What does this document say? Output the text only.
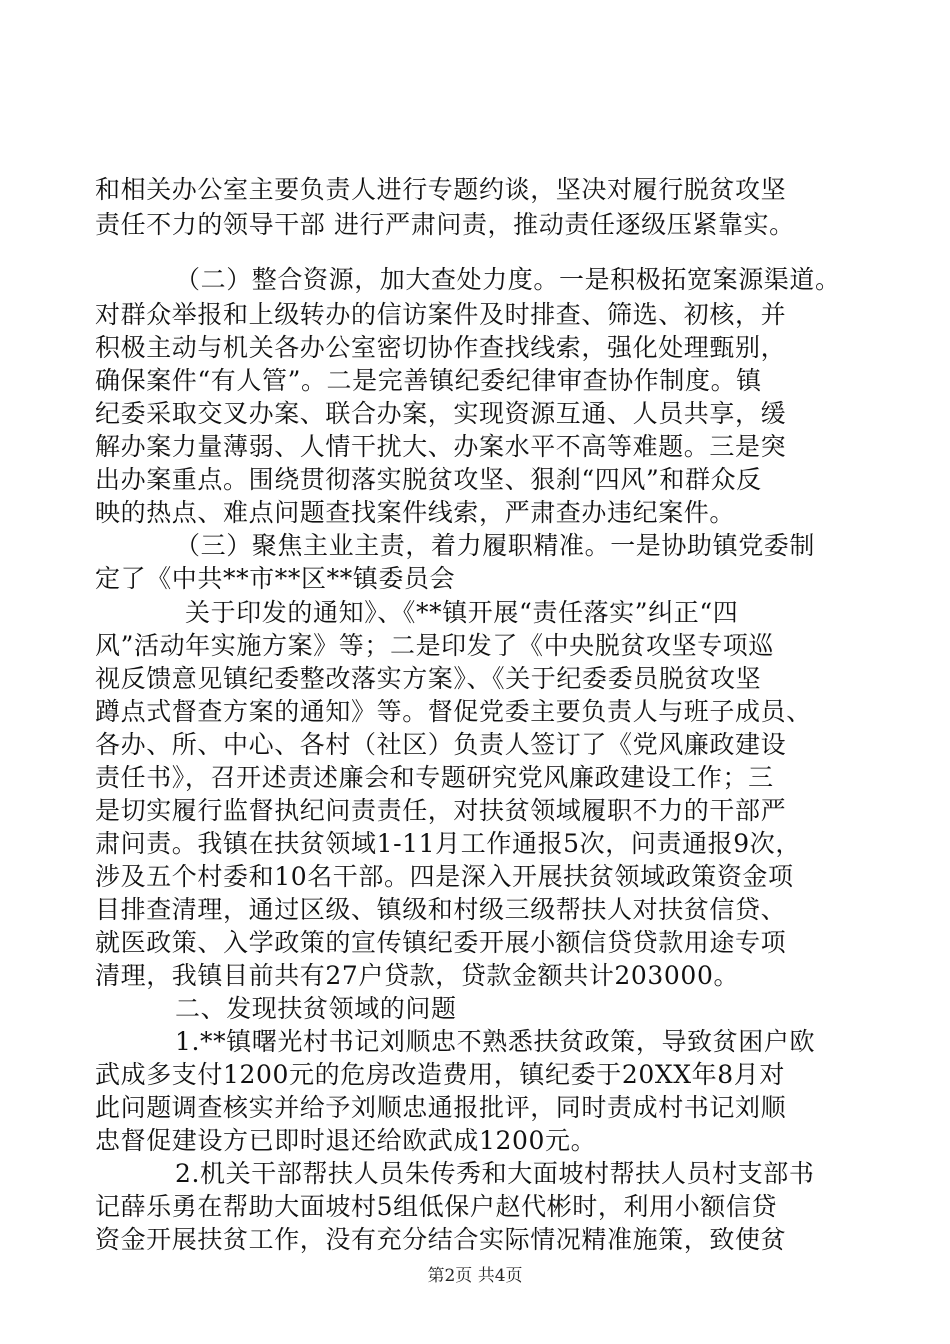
和相关办公室主要负责人进行专题约谈，坚决对履行脱贫攻坚
责任不力的领导干部 进行严肃问责，推动责任逐级压紧靠实。
（二）整合资源，加大查处力度。一是积极拓宽案源渠道。
对群众举报和上级转办的信访案件及时排查、筛选、初核，并
积极主动与机关各办公室密切协作查找线索，强化处理甄别，
确保案件“有人管”。二是完善镇纪委纪律审查协作制度。镇
纪委采取交叉办案、联合办案，实现资源互通、人员共享，缓
解办案力量薄弱、人情干扰大、办案水平不高等难题。三是突
出办案重点。围绕贯彻落实脱贫攻坚、狠刹“四风”和群众反
映的热点、难点问题查找案件线索，严肃查办违纪案件。
（三）聚焦主业主责，着力履职精准。一是协助镇党委制
定了《中共**市**区**镇委员会
关于印发的通知》、《**镇开展“责任落实”纠正“四
风”活动年实施方案》等；二是印发了《中央脱贫攻坚专项巡
视反馈意见镇纪委整改落实方案》、《关于纪委委员脱贫攻坚
蹲点式督查方案的通知》等。督促党委主要负责人与班子成员、
各办、所、中心、各村（社区）负责人签订了《党风廉政建设
责任书》，召开述责述廉会和专题研究党风廉政建设工作；三
是切实履行监督执纪问责责任，对扶贫领域履职不力的干部严
肃问责。我镇在扶贫领域1-11月工作通报5次，问责通报9次，
涉及五个村委和10名干部。四是深入开展扶贫领域政策资金项
目排查清理，通过区级、镇级和村级三级帮扶人对扶贫信贷、
就医政策、入学政策的宣传镇纪委开展小额信贷贷款用途专项
清理，我镇目前共有27户贷款，贷款金额共计203000。
二、发现扶贫领域的问题
1.**镇曙光村书记刘顺忠不熟悉扶贫政策，导致贫困户欧
武成多支付1200元的危房改造费用，镇纪委于20XX年8月对
此问题调查核实并给予刘顺忠通报批评，同时责成村书记刘顺
忠督促建设方已即时退还给欧武成1200元。
2.机关干部帮扶人员朱传秀和大面坡村帮扶人员村支部书
记薛乐勇在帮助大面坡村5组低保户赵代彬时，利用小额信贷
资金开展扶贫工作，没有充分结合实际情况精准施策，致使贫
第2页 共4页
